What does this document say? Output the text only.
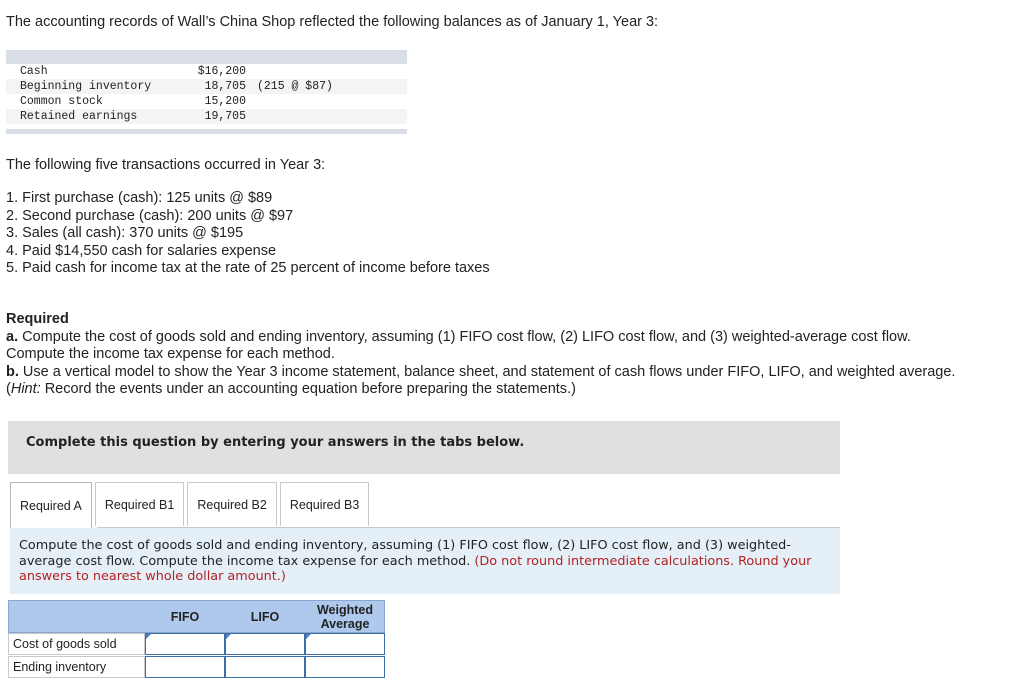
The accounting records of Wall’s China Shop reflected the following balances as of January 1, Year 3:
Cash	$16,200
Beginning inventory	18,705 (215 @ $87)
Common stock	15,200
Retained earnings	19,705
The following five transactions occurred in Year 3:
1. First purchase (cash): 125 units @ $89
2. Second purchase (cash): 200 units @ $97
3. Sales (all cash): 370 units @ $195
4. Paid $14,550 cash for salaries expense
5. Paid cash for income tax at the rate of 25 percent of income before taxes
Required
a. Compute the cost of goods sold and ending inventory, assuming (1) FIFO cost flow, (2) LIFO cost flow, and (3) weighted-average cost flow. Compute the income tax expense for each method.
b. Use a vertical model to show the Year 3 income statement, balance sheet, and statement of cash flows under FIFO, LIFO, and weighted average. (Hint: Record the events under an accounting equation before preparing the statements.)
Complete this question by entering your answers in the tabs below.
Required A	Required B1	Required B2	Required B3
Compute the cost of goods sold and ending inventory, assuming (1) FIFO cost flow, (2) LIFO cost flow, and (3) weighted-average cost flow. Compute the income tax expense for each method. (Do not round intermediate calculations. Round your answers to nearest whole dollar amount.)
FIFO	LIFO	Weighted Average
Cost of goods sold
Ending inventory
